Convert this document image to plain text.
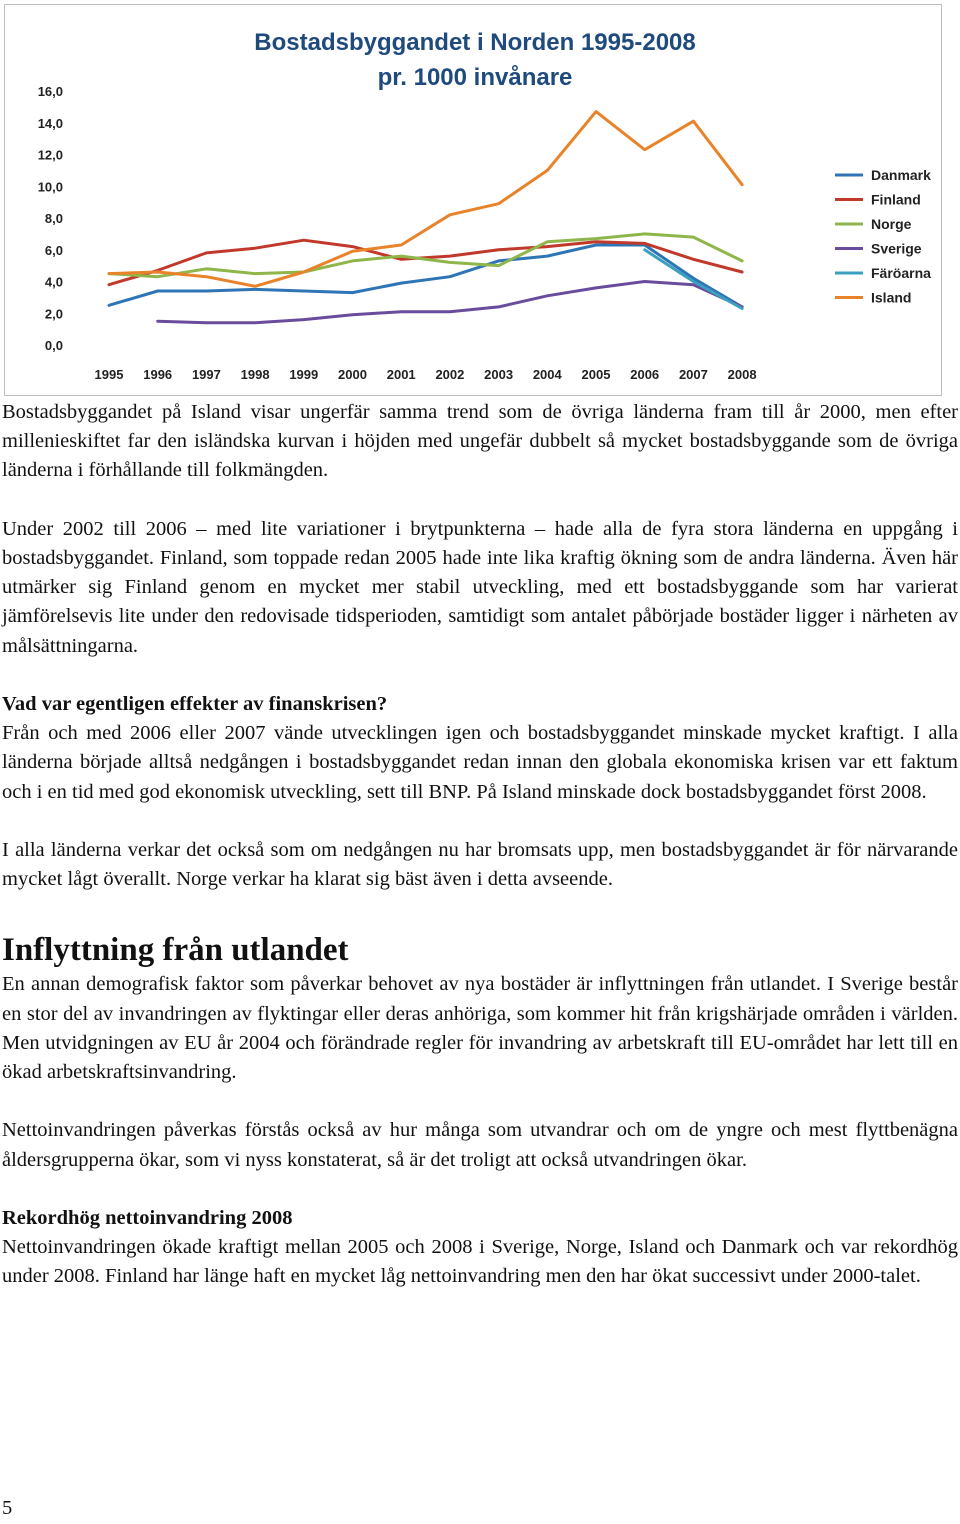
Bostadsbyggandet i Norden 1995-2008
pr. 1000 invånare
0,0
2,0
4,0
6,0
8,0
10,0
12,0
14,0
16,0
1995 1996 1997 1998 1999 2000 2001 2002 2003 2004 2005 2006 2007 2008
Danmark
Finland
Norge
Sverige
Färöarna
Island

Bostadsbyggandet på Island visar ungerfär samma trend som de övriga länderna fram till år 2000, men efter millenieskiftet far den isländska kurvan i höjden med ungefär dubbelt så mycket bostadsbyggande som de övriga länderna i förhållande till folkmängden.

Under 2002 till 2006 – med lite variationer i brytpunkterna – hade alla de fyra stora länderna en uppgång i bostadsbyggandet. Finland, som toppade redan 2005 hade inte lika kraftig ökning som de andra länderna. Även här utmärker sig Finland genom en mycket mer stabil utveckling, med ett bostadsbyggande som har varierat jämförelsevis lite under den redovisade tidsperioden, samtidigt som antalet påbörjade bostäder ligger i närheten av målsättningarna.

Vad var egentligen effekter av finanskrisen?

Från och med 2006 eller 2007 vände utvecklingen igen och bostadsbyggandet minskade mycket kraftigt. I alla länderna började alltså nedgången i bostadsbyggandet redan innan den globala ekonomiska krisen var ett faktum och i en tid med god ekonomisk utveckling, sett till BNP. På Island minskade dock bostadsbyggandet först 2008.

I alla länderna verkar det också som om nedgången nu har bromsats upp, men bostadsbyggandet är för närvarande mycket lågt överallt. Norge verkar ha klarat sig bäst även i detta avseende.

Inflyttning från utlandet

En annan demografisk faktor som påverkar behovet av nya bostäder är inflyttningen från utlandet. I Sverige består en stor del av invandringen av flyktingar eller deras anhöriga, som kommer hit från krigshärjade områden i världen. Men utvidgningen av EU år 2004 och förändrade regler för invandring av arbetskraft till EU-området har lett till en ökad arbetskraftsinvandring.

Nettoinvandringen påverkas förstås också av hur många som utvandrar och om de yngre och mest flyttbenägna åldersgrupperna ökar, som vi nyss konstaterat, så är det troligt att också utvandringen ökar.

Rekordhög nettoinvandring 2008

Nettoinvandringen ökade kraftigt mellan 2005 och 2008 i Sverige, Norge, Island och Danmark och var rekordhög under 2008. Finland har länge haft en mycket låg nettoinvandring men den har ökat successivt under 2000-talet.

5
